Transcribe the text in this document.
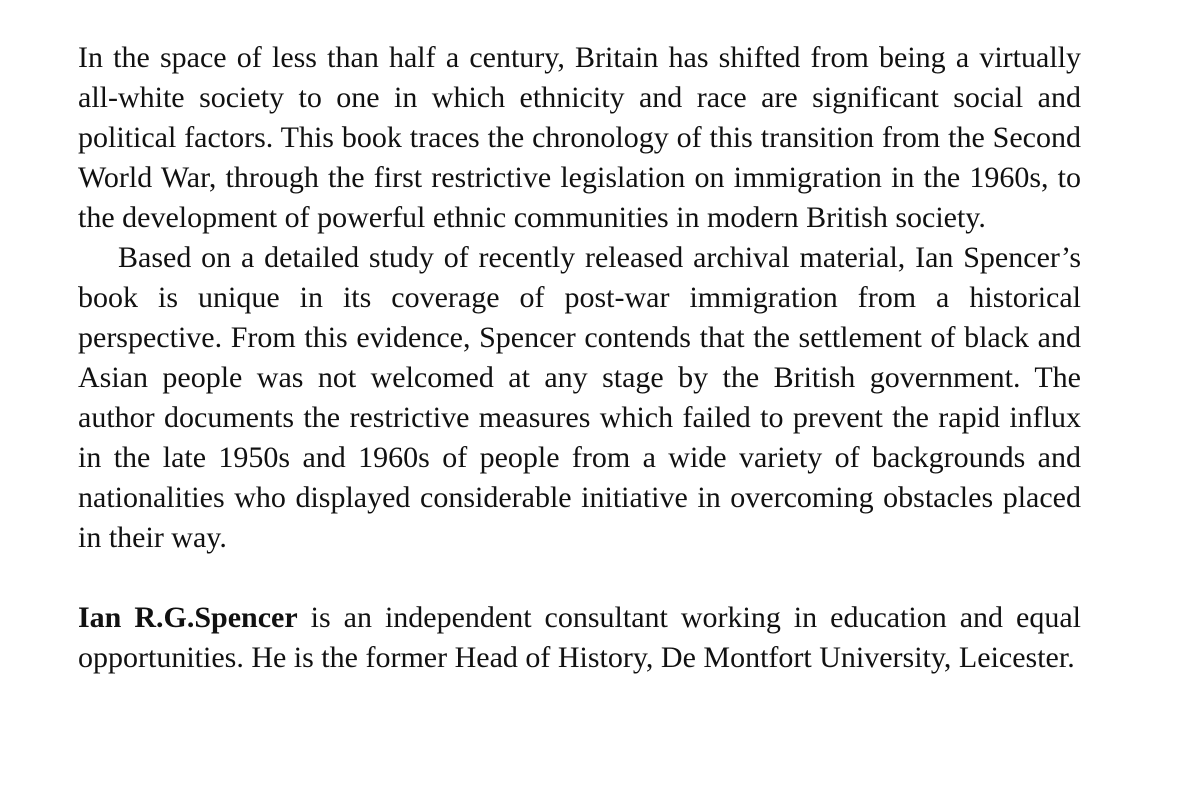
In the space of less than half a century, Britain has shifted from being a virtually all-white society to one in which ethnicity and race are significant social and political factors. This book traces the chronology of this transition from the Second World War, through the first restrictive legislation on immigration in the 1960s, to the development of powerful ethnic communities in modern British society.

Based on a detailed study of recently released archival material, Ian Spencer’s book is unique in its coverage of post-war immigration from a historical perspective. From this evidence, Spencer contends that the settlement of black and Asian people was not welcomed at any stage by the British government. The author documents the restrictive measures which failed to prevent the rapid influx in the late 1950s and 1960s of people from a wide variety of backgrounds and nationalities who displayed considerable initiative in overcoming obstacles placed in their way.

Ian R.G.Spencer is an independent consultant working in education and equal opportunities. He is the former Head of History, De Montfort University, Leicester.
